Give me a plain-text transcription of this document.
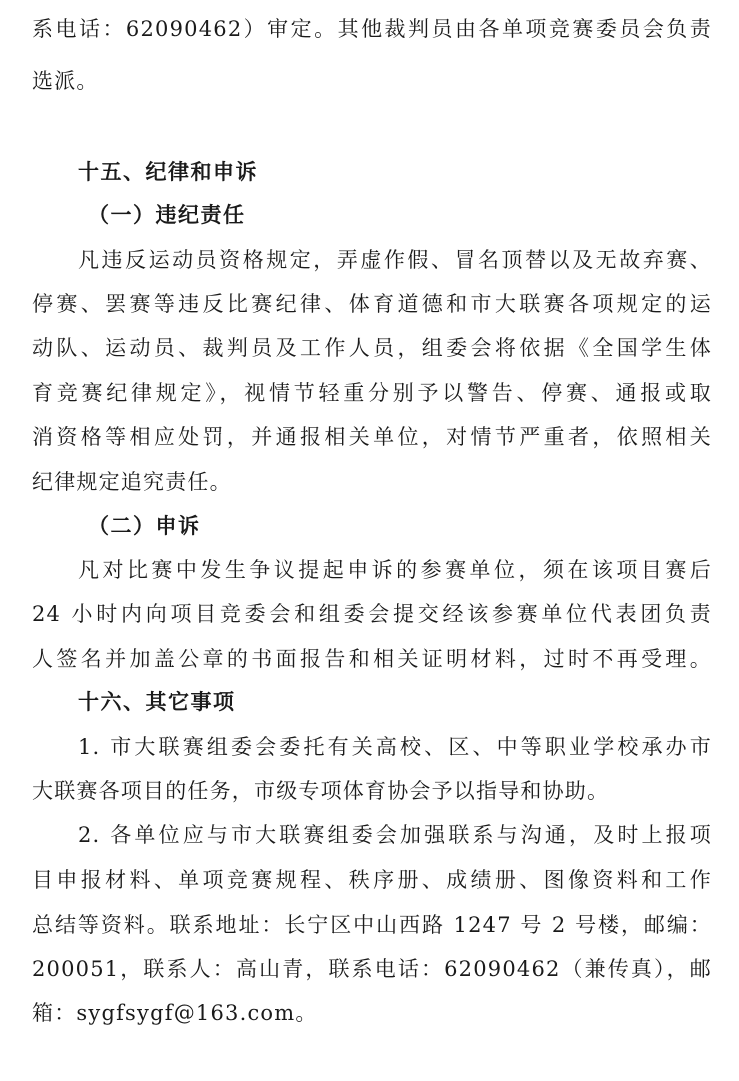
系电话：62090462）审定。其他裁判员由各单项竞赛委员会负责
选派。
十五、纪律和申诉
（一）违纪责任
凡违反运动员资格规定，弄虚作假、冒名顶替以及无故弃赛、
停赛、罢赛等违反比赛纪律、体育道德和市大联赛各项规定的运
动队、运动员、裁判员及工作人员，组委会将依据《全国学生体
育竞赛纪律规定》，视情节轻重分别予以警告、停赛、通报或取
消资格等相应处罚，并通报相关单位，对情节严重者，依照相关
纪律规定追究责任。
（二）申诉
凡对比赛中发生争议提起申诉的参赛单位，须在该项目赛后
24 小时内向项目竞委会和组委会提交经该参赛单位代表团负责
人签名并加盖公章的书面报告和相关证明材料，过时不再受理。
十六、其它事项
1. 市大联赛组委会委托有关高校、区、中等职业学校承办市
大联赛各项目的任务，市级专项体育协会予以指导和协助。
2. 各单位应与市大联赛组委会加强联系与沟通，及时上报项
目申报材料、单项竞赛规程、秩序册、成绩册、图像资料和工作
总结等资料。联系地址：长宁区中山西路 1247 号 2 号楼，邮编：
200051，联系人：高山青，联系电话：62090462（兼传真），邮
箱：sygfsygf@163.com。
